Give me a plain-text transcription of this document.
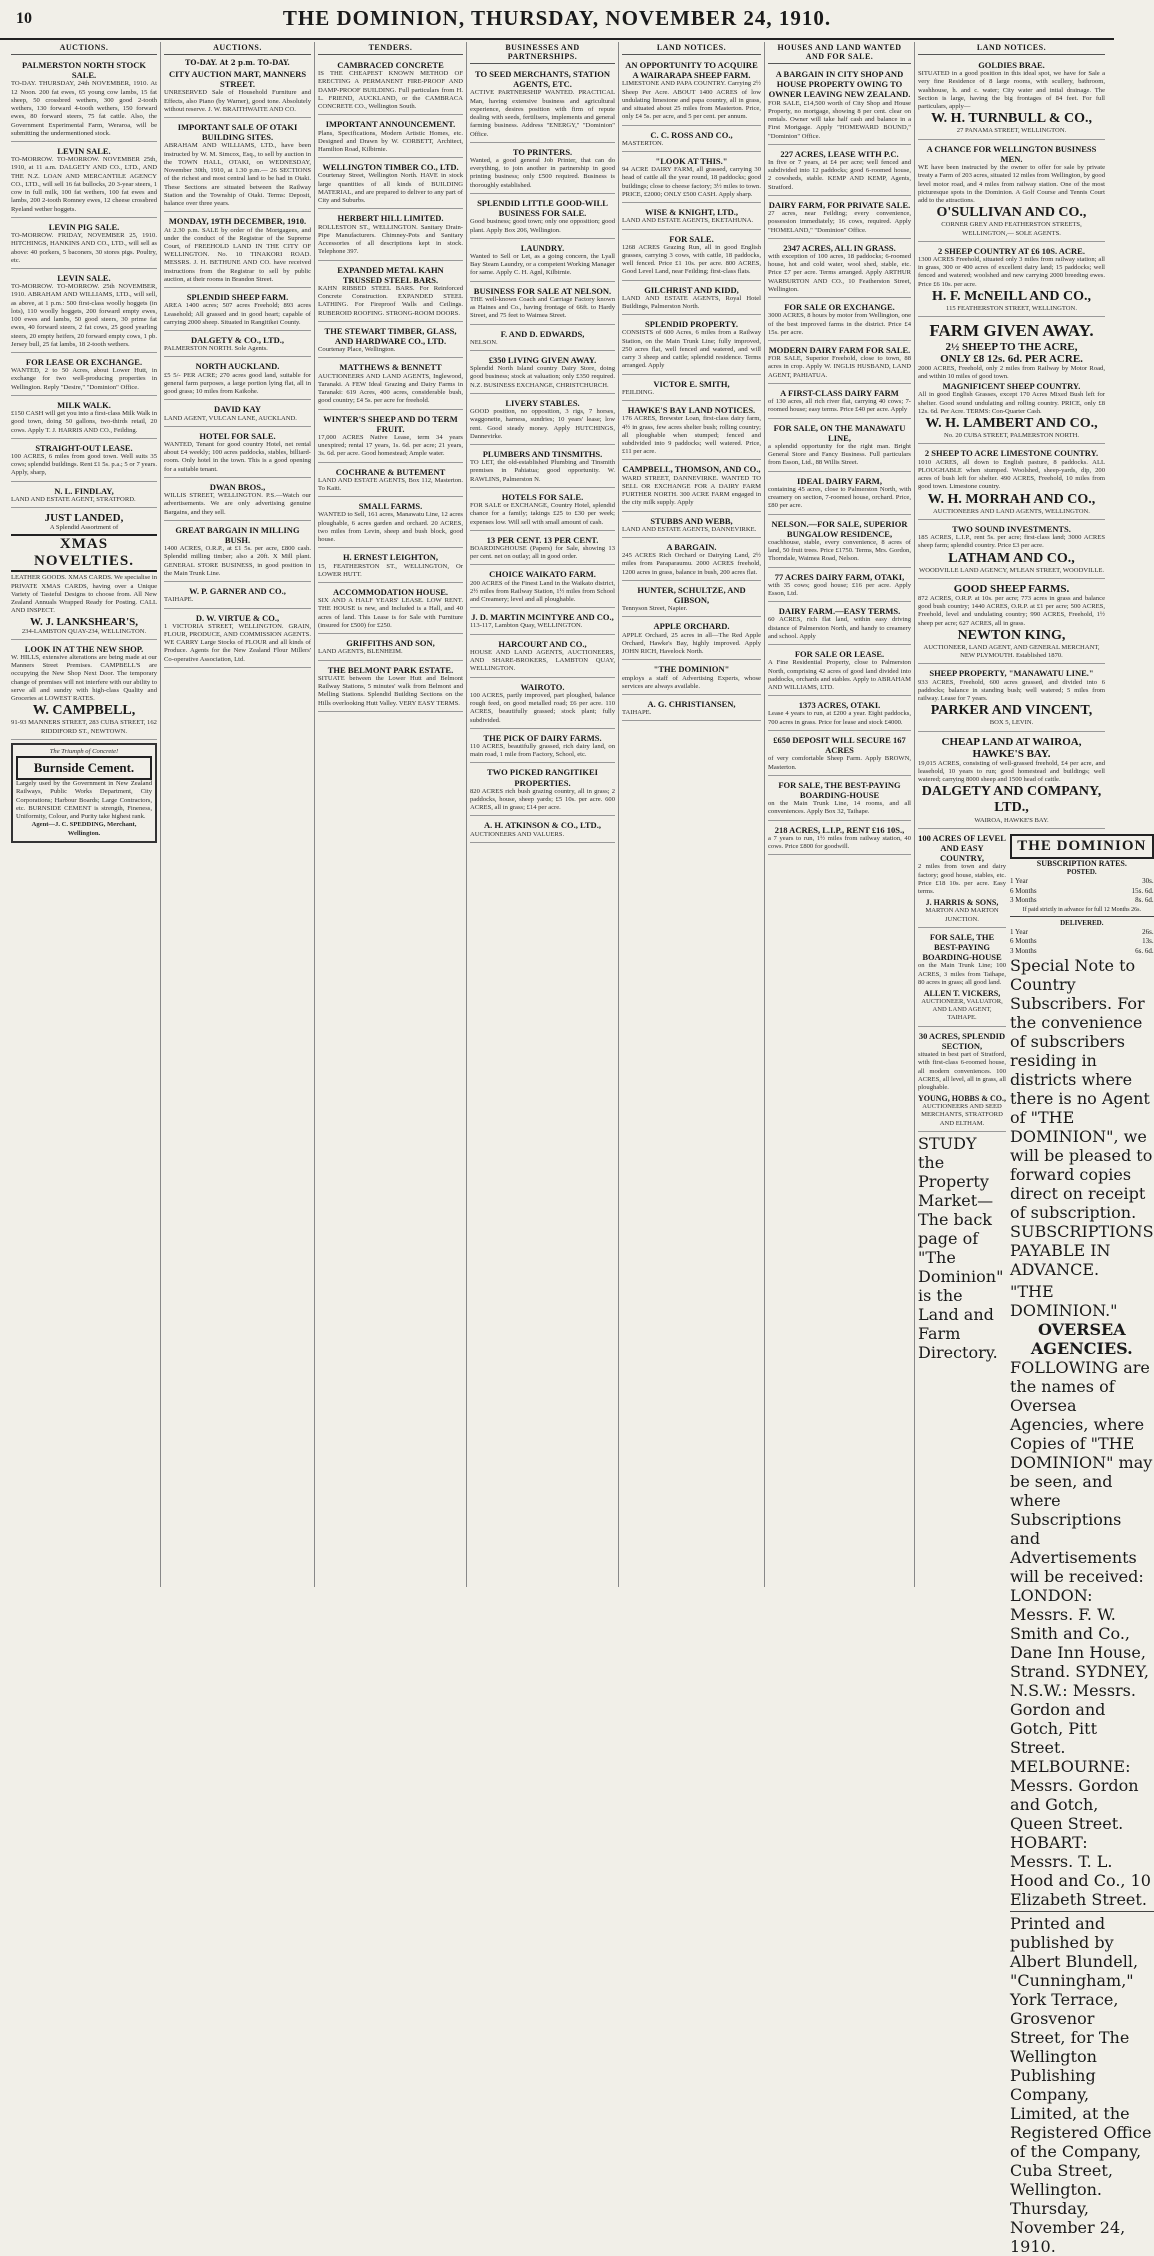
10	THE DOMINION, THURSDAY, NOVEMBER 24, 1910.
AUCTIONS.
PALMERSTON NORTH STOCK SALE.
TO-DAY. THURSDAY, 24th NOVEMBER, 1910. At 12 Noon. 200 fat ewes, 65 young cow lambs, 15 fat sheep, 50 crossbred wethers, 300 good 2-tooth wethers, 130 forward 4-tooth wethers, 150 forward ewes, 80 forward steers, 75 fat cattle. Also, the Government Experimental Farm, Weraroa, will be submitting the undermentioned stock.
LEVIN SALE.
TO-MORROW. TO-MORROW. NOVEMBER 25th, 1910, at 11 a.m. DALGETY AND CO., LTD., AND THE N.Z. LOAN AND MERCANTILE AGENCY CO., LTD., will sell 16 fat bullocks, 20 3-year steers, 1 cow in full milk, 100 fat wethers, 100 fat ewes and lambs, 200 2-tooth Romney ewes, 12 cheese crossbred Ryeland wether hoggets.
LEVIN PIG SALE.
TO-MORROW. FRIDAY, NOVEMBER 25, 1910. HITCHINGS, HANKINS AND CO., LTD., will sell as above: 40 porkers, 5 baconers, 30 stores pigs. Poultry, etc.
LEVIN SALE.
TO-MORROW. TO-MORROW. 25th NOVEMBER, 1910. ABRAHAM AND WILLIAMS, LTD., will sell, as above, at 1 p.m.: 500 first-class woolly hoggets (in lots), 110 woolly hoggets, 200 forward empty ewes, 100 ewes and lambs, 50 good steers, 30 prime fat ewes, 40 forward steers, 2 fat cows, 25 good yearling steers, 20 empty heifers, 20 forward empty cows, 1 pb. Jersey bull, 25 fat lambs, 18 2-tooth wethers.
FOR LEASE OR EXCHANGE.
WANTED, 2 to 50 Acres, about Lower Hutt, in exchange for two well-producing properties in Wellington. Reply "Desire," "Dominion" Office.
MILK WALK.
£150 CASH will get you into a first-class Milk Walk in good town, doing 50 gallons, two-thirds retail, 20 cows. Apply T. J. HARRIS AND CO., Feilding.
STRAIGHT-OUT LEASE.
100 ACRES, 6 miles from good town. Well suits 35 cows; splendid buildings. Rent £1 5s. p.a.; 5 or 7 years. Apply, sharp,
N. L. FINDLAY,
LAND AND ESTATE AGENT, STRATFORD.
JUST LANDED,
A Splendid Assortment of
XMAS NOVELTIES.
LEATHER GOODS. XMAS CARDS. We specialise in PRIVATE XMAS CARDS, having over a Unique Variety of Tasteful Designs to choose from. All New Zealand Annuals Wrapped Ready for Posting. CALL AND INSPECT.
W. J. LANKSHEAR'S,
234-LAMBTON QUAY-234, WELLINGTON.
LOOK IN AT THE NEW SHOP.
W. HILLS, extensive alterations are being made at our Manners Street Premises. CAMPBELL'S are occupying the New Shop Next Door. The temporary change of premises will not interfere with our ability to serve all and sundry with high-class Quality and Groceries at LOWEST RATES.
W. CAMPBELL,
91-93 MANNERS STREET, 283 CUBA STREET, 162 RIDDIFORD ST., NEWTOWN.
The Triumph of Concrete!
Burnside Cement.
Largely used by the Government in New Zealand Railways, Public Works Department, City Corporations; Harbour Boards; Large Contractors, etc. BURNSIDE CEMENT is strength, Fineness, Uniformity, Colour, and Purity take highest rank.
Agent—J. C. SPEDDING, Merchant, Wellington.
AUCTIONS.
TO-DAY. At 2 p.m. TO-DAY.
CITY AUCTION MART, MANNERS STREET.
UNRESERVED Sale of Household Furniture and Effects, also Piano (by Warner), good tone. Absolutely without reserve. J. W. BRAITHWAITE AND CO.
IMPORTANT SALE OF OTAKI BUILDING SITES.
ABRAHAM AND WILLIAMS, LTD., have been instructed by W. M. Simcox, Esq., to sell by auction in the TOWN HALL, OTAKI, on WEDNESDAY, November 30th, 1910, at 1.30 p.m.— 26 SECTIONS of the richest and most central land to be had in Otaki. These Sections are situated between the Railway Station and the Township of Otaki. Terms: Deposit, balance over three years.
MONDAY, 19TH DECEMBER, 1910.
At 2.30 p.m. SALE by order of the Mortgagees, and under the conduct of the Registrar of the Supreme Court, of FREEHOLD LAND IN THE CITY OF WELLINGTON. No. 10 TINAKORI ROAD. MESSRS. J. H. BETHUNE AND CO. have received instructions from the Registrar to sell by public auction, at their rooms in Brandon Street.
SPLENDID SHEEP FARM.
AREA 1400 acres; 507 acres Freehold; 893 acres Leasehold; All grassed and in good heart; capable of carrying 2000 sheep. Situated in Rangitikei County.
DALGETY & CO., LTD.,
PALMERSTON NORTH. Sole Agents.
NORTH AUCKLAND.
£5 5/- PER ACRE; 270 acres good land, suitable for general farm purposes, a large portion lying flat, all in good grass; 10 miles from Kaikohe.
DAVID KAY
LAND AGENT, VULCAN LANE, AUCKLAND.
HOTEL FOR SALE.
WANTED, Tenant for good country Hotel, net rental about £4 weekly; 100 acres paddocks, stables, billiard-room. Only hotel in the town. This is a good opening for a suitable tenant.
DWAN BROS.,
WILLIS STREET, WELLINGTON. P.S.—Watch our advertisements. We are only advertising genuine Bargains, and they sell.
GREAT BARGAIN IN MILLING BUSH.
1400 ACRES, O.R.P., at £1 5s. per acre, £800 cash. Splendid milling timber; also a 20ft. X Mill plant. GENERAL STORE BUSINESS, in good position in the Main Trunk Line.
W. P. GARNER AND CO.,
TAIHAPE.
D. W. VIRTUE & CO.,
1 VICTORIA STREET, WELLINGTON. GRAIN, FLOUR, PRODUCE, AND COMMISSION AGENTS. WE CARRY Large Stocks of FLOUR and all kinds of Produce. Agents for the New Zealand Flour Millers' Co-operative Association, Ltd.
TENDERS.
CAMBRACED CONCRETE
IS THE CHEAPEST KNOWN METHOD OF ERECTING A PERMANENT FIRE-PROOF AND DAMP-PROOF BUILDING. Full particulars from H. L. FRIEND, AUCKLAND, or the CAMBRACA CONCRETE CO., Wellington South.
IMPORTANT ANNOUNCEMENT.
Plans, Specifications, Modern Artistic Homes, etc. Designed and Drawn by W. CORBETT, Architect, Hamilton Road, Kilbirnie.
WELLINGTON TIMBER CO., LTD.
Courtenay Street, Wellington North. HAVE in stock large quantities of all kinds of BUILDING MATERIAL, and are prepared to deliver to any part of City and Suburbs.
HERBERT HILL LIMITED.
ROLLESTON ST., WELLINGTON. Sanitary Drain-Pipe Manufacturers. Chimney-Pots and Sanitary Accessories of all descriptions kept in stock. Telephone 397.
EXPANDED METAL KAHN TRUSSED STEEL BARS.
KAHN RIBBED STEEL BARS. For Reinforced Concrete Construction. EXPANDED STEEL LATHING. For Fireproof Walls and Ceilings. RUBEROID ROOFING. STRONG-ROOM DOORS.
THE STEWART TIMBER, GLASS, AND HARDWARE CO., LTD.
Courtenay Place, Wellington.
MATTHEWS & BENNETT
AUCTIONEERS AND LAND AGENTS, Inglewood, Taranaki. A FEW Ideal Grazing and Dairy Farms in Taranaki: 619 Acres, 400 acres, considerable bush, good country; £4 5s. per acre for freehold.
WINTER'S SHEEP AND DO TERM FRUIT.
17,000 ACRES Native Lease, term 34 years unexpired; rental 17 years, 1s. 6d. per acre; 21 years, 3s. 6d. per acre. Good homestead; Ample water.
COCHRANE & BUTEMENT
LAND AND ESTATE AGENTS, Box 112, Masterton. To Kaiti.
SMALL FARMS.
WANTED to Sell, 161 acres, Manawatu Line, 12 acres ploughable, 6 acres garden and orchard. 20 ACRES, two miles from Levin, sheep and bush block, good house.
H. ERNEST LEIGHTON,
15, FEATHERSTON ST., WELLINGTON, Or LOWER HUTT.
ACCOMMODATION HOUSE.
SIX AND A HALF YEARS' LEASE. LOW RENT. THE HOUSE is new, and Included is a Hall, and 40 acres of land. This Lease is for Sale with Furniture (insured for £500) for £250.
GRIFFITHS AND SON,
LAND AGENTS, BLENHEIM.
THE BELMONT PARK ESTATE.
SITUATE between the Lower Hutt and Belmont Railway Stations, 5 minutes' walk from Belmont and Melling Stations. Splendid Building Sections on the Hills overlooking Hutt Valley. VERY EASY TERMS.
BUSINESSES AND PARTNERSHIPS.
TO SEED MERCHANTS, STATION AGENTS, ETC.
ACTIVE PARTNERSHIP WANTED. PRACTICAL Man, having extensive business and agricultural experience, desires position with firm of repute dealing with seeds, fertilisers, implements and general farming business. Address "ENERGY," "Dominion" Office.
TO PRINTERS.
Wanted, a good general Job Printer, that can do everything, to join another in partnership in good printing business; only £500 required. Business is thoroughly established.
SPLENDID LITTLE GOOD-WILL BUSINESS FOR SALE.
Good business; good town; only one opposition; good plant. Apply Box 206, Wellington.
LAUNDRY.
Wanted to Sell or Let, as a going concern, the Lyall Bay Steam Laundry, or a competent Working Manager for same. Apply C. H. Agnl, Kilbirnie.
BUSINESS FOR SALE AT NELSON.
THE well-known Coach and Carriage Factory known as Haines and Co., having frontage of 66ft. to Hardy Street, and 75 feet to Waimea Street.
F. AND D. EDWARDS,
NELSON.
£350 LIVING GIVEN AWAY.
Splendid North Island country Dairy Store, doing good business; stock at valuation; only £350 required. N.Z. BUSINESS EXCHANGE, CHRISTCHURCH.
LIVERY STABLES.
GOOD position, no opposition, 3 rigs, 7 horses, waggonette, harness, sundries; 10 years' lease; low rent. Good steady money. Apply HUTCHINGS, Dannevirke.
PLUMBERS AND TINSMITHS.
TO LET, the old-established Plumbing and Tinsmith premises in Pahiatua; good opportunity. W. RAWLINS, Palmerston N.
HOTELS FOR SALE.
FOR SALE or EXCHANGE, Country Hotel, splendid chance for a family; takings £25 to £30 per week; expenses low. Will sell with small amount of cash.
13 PER CENT. 13 PER CENT.
BOARDINGHOUSE (Papers) for Sale, showing 13 per cent. net on outlay; all in good order.
CHOICE WAIKATO FARM.
200 ACRES of the Finest Land in the Waikato district, 2½ miles from Railway Station, 1½ miles from School and Creamery; level and all ploughable.
J. D. MARTIN MCINTYRE AND CO.,
113-117, Lambton Quay, WELLINGTON.
HARCOURT AND CO.,
HOUSE AND LAND AGENTS, AUCTIONEERS, AND SHARE-BROKERS, LAMBTON QUAY, WELLINGTON.
WAIROTO.
100 ACRES, partly improved, part ploughed, balance rough feed, on good metalled road; £6 per acre. 110 ACRES, beautifully grassed; stock plant; fully subdivided.
THE PICK OF DAIRY FARMS.
110 ACRES, beautifully grassed, rich dairy land, on main road, 1 mile from Factory, School, etc.
TWO PICKED RANGITIKEI PROPERTIES.
820 ACRES rich bush grazing country, all in grass; 2 paddocks, house, sheep yards; £5 10s. per acre. 600 ACRES, all in grass; £14 per acre.
A. H. ATKINSON & CO., LTD.,
AUCTIONEERS AND VALUERS.
LAND NOTICES.
AN OPPORTUNITY TO ACQUIRE A WAIRARAPA SHEEP FARM.
LIMESTONE AND PAPA COUNTRY. Carrying 2½ Sheep Per Acre. ABOUT 1400 ACRES of low undulating limestone and papa country, all in grass, and situated about 25 miles from Masterton. Price, only £4 5s. per acre, and 5 per cent. per annum.
C. C. ROSS AND CO.,
MASTERTON.
"LOOK AT THIS."
94 ACRE DAIRY FARM, all grassed, carrying 30 head of cattle all the year round, 18 paddocks; good buildings; close to cheese factory; 3½ miles to town. PRICE, £2000; ONLY £500 CASH. Apply sharp.
WISE & KNIGHT, LTD.,
LAND AND ESTATE AGENTS, EKETAHUNA.
FOR SALE.
1268 ACRES Grazing Run, all in good English grasses, carrying 3 cows, with cattle, 18 paddocks, well fenced. Price £1 10s. per acre. 800 ACRES, Good Level Land, near Feilding; first-class flats.
GILCHRIST AND KIDD,
LAND AND ESTATE AGENTS, Royal Hotel Buildings, Palmerston North.
SPLENDID PROPERTY.
CONSISTS of 600 Acres, 6 miles from a Railway Station, on the Main Trunk Line; fully improved, 250 acres flat, well fenced and watered, and will carry 3 sheep and cattle; splendid residence. Terms arranged. Apply
VICTOR E. SMITH,
FEILDING.
HAWKE'S BAY LAND NOTICES.
176 ACRES, Brewster Loan, first-class dairy farm, 4½ in grass, few acres shelter bush; rolling country; all ploughable when stumped; fenced and subdivided into 9 paddocks; well watered. Price, £11 per acre.
CAMPBELL, THOMSON, AND CO.,
WARD STREET, DANNEVIRKE. WANTED TO SELL OR EXCHANGE FOR A DAIRY FARM FURTHER NORTH. 300 ACRE FARM engaged in the city milk supply. Apply
STUBBS AND WEBB,
LAND AND ESTATE AGENTS, DANNEVIRKE.
A BARGAIN.
245 ACRES Rich Orchard or Dairying Land, 2½ miles from Paraparaumu. 2000 ACRES freehold, 1200 acres in grass, balance in bush, 200 acres flat.
HUNTER, SCHULTZE, AND GIBSON,
Tennyson Street, Napier.
APPLE ORCHARD.
APPLE Orchard, 25 acres in all—The Red Apple Orchard, Hawke's Bay, highly improved. Apply JOHN RICH, Havelock North.
"THE DOMINION"
employs a staff of Advertising Experts, whose services are always available.
A. G. CHRISTIANSEN,
TAIHAPE.
HOUSES AND LAND WANTED AND FOR SALE.
A BARGAIN IN CITY SHOP AND HOUSE PROPERTY OWING TO OWNER LEAVING NEW ZEALAND.
FOR SALE, £14,500 worth of City Shop and House Property, no mortgage, showing 8 per cent. clear on rentals. Owner will take half cash and balance in a First Mortgage. Apply "HOMEWARD BOUND," "Dominion" Office.
227 ACRES, LEASE WITH P.C.
In five or 7 years, at £4 per acre; well fenced and subdivided into 12 paddocks; good 6-roomed house, 2 cowsheds, stable. KEMP AND KEMP, Agents, Stratford.
DAIRY FARM, FOR PRIVATE SALE.
27 acres, near Feilding; every convenience, possession immediately; 16 cows, required. Apply "HOMELAND," "Dominion" Office.
2347 ACRES, ALL IN GRASS.
with exception of 100 acres, 18 paddocks; 6-roomed house, hot and cold water, wool shed, stable, etc. Price £7 per acre. Terms arranged. Apply ARTHUR WARBURTON AND CO., 10 Featherston Street, Wellington.
FOR SALE OR EXCHANGE.
3000 ACRES, 8 hours by motor from Wellington, one of the best improved farms in the district. Price £4 15s. per acre.
MODERN DAIRY FARM FOR SALE.
FOR SALE, Superior Freehold, close to town, 88 acres in crop. Apply W. INGLIS HUSBAND, LAND AGENT, PAHIATUA.
A FIRST-CLASS DAIRY FARM
of 130 acres, all rich river flat, carrying 40 cows; 7-roomed house; easy terms. Price £40 per acre. Apply
FOR SALE, ON THE MANAWATU LINE,
a splendid opportunity for the right man. Bright General Store and Fancy Business. Full particulars from Esson, Ltd., 88 Willis Street.
IDEAL DAIRY FARM,
containing 45 acres, close to Palmerston North, with creamery on section, 7-roomed house, orchard. Price, £80 per acre.
NELSON.—FOR SALE, SUPERIOR BUNGALOW RESIDENCE,
coachhouse, stable, every convenience, 8 acres of land, 50 fruit trees. Price £1750. Terms, Mrs. Gordon, Thorndale, Waimea Road, Nelson.
77 ACRES DAIRY FARM, OTAKI,
with 35 cows; good house; £16 per acre. Apply Esson, Ltd.
DAIRY FARM.—EASY TERMS.
60 ACRES, rich flat land, within easy driving distance of Palmerston North, and handy to creamery and school. Apply
FOR SALE OR LEASE.
A Fine Residential Property, close to Palmerston North, comprising 42 acres of good land divided into paddocks, orchards and stables. Apply to ABRAHAM AND WILLIAMS, LTD.
1373 ACRES, OTAKI.
Lease 4 years to run, at £200 a year. Eight paddocks, 700 acres in grass. Price for lease and stock £4000.
£650 DEPOSIT WILL SECURE 167 ACRES
of very comfortable Sheep Farm. Apply BROWN, Masterton.
FOR SALE, THE BEST-PAYING BOARDING-HOUSE
on the Main Trunk Line, 14 rooms, and all conveniences. Apply Box 32, Taihape.
218 ACRES, L.I.P., RENT £16 10S.,
a 7 years to run, 1½ miles from railway station, 40 cows. Price £800 for goodwill.
LAND NOTICES.
GOLDIES BRAE.
SITUATED in a good position in this ideal spot, we have for Sale a very fine Residence of 8 large rooms, with scullery, bathroom, washhouse, h. and c. water; City water and intial drainage. The Section is large, having the big frontages of 84 feet. For full particulars, apply—
W. H. TURNBULL & CO.,
27 PANAMA STREET, WELLINGTON.
A CHANCE FOR WELLINGTON BUSINESS MEN.
WE have been instructed by the owner to offer for sale by private treaty a Farm of 203 acres, situated 12 miles from Wellington, by good level motor road, and 4 miles from railway station. One of the most picturesque spots in the Dominion. A Golf Course and Tennis Court add to the attractions.
O'SULLIVAN AND CO.,
CORNER GREY AND FEATHERSTON STREETS, WELLINGTON,— SOLE AGENTS.
2 SHEEP COUNTRY AT £6 10S. ACRE.
1300 ACRES Freehold, situated only 3 miles from railway station; all in grass, 300 or 400 acres of excellent dairy land; 15 paddocks; well fenced and watered; woolshed and new carrying 2000 breeding ewes. Price £6 10s. per acre.
H. F. McNEILL AND CO.,
115 FEATHERSTON STREET, WELLINGTON.
FARM GIVEN AWAY.
2½ SHEEP TO THE ACRE,
ONLY £8 12s. 6d. PER ACRE.
2000 ACRES, Freehold, only 2 miles from Railway by Motor Road, and within 10 miles of good town.
MAGNIFICENT SHEEP COUNTRY.
All in good English Grasses, except 170 Acres Mixed Bush left for shelter. Good sound undulating and rolling country. PRICE, only £8 12s. 6d. Per Acre. TERMS: Con-Quarter Cash.
W. H. LAMBERT AND CO.,
No. 20 CUBA STREET, PALMERSTON NORTH.
2 SHEEP TO ACRE LIMESTONE COUNTRY.
1010 ACRES, all down to English pasture, 8 paddocks. ALL PLOUGHABLE when stumped. Woolshed, sheep-yards, dip, 200 acres of bush left for shelter. 490 ACRES, Freehold, 10 miles from good town. Limestone country.
W. H. MORRAH AND CO.,
AUCTIONEERS AND LAND AGENTS, WELLINGTON.
TWO SOUND INVESTMENTS.
185 ACRES, L.I.P., rent 5s. per acre; first-class land; 3000 ACRES sheep farm; splendid country. Price £3 per acre.
LATHAM AND CO.,
WOODVILLE LAND AGENCY, M'LEAN STREET, WOODVILLE.
GOOD SHEEP FARMS.
872 ACRES, O.R.P. at 10s. per acre; 773 acres in grass and balance good bush country; 1440 ACRES, O.R.P. at £1 per acre; 500 ACRES, Freehold, level and undulating country; 990 ACRES, Freehold, 1½ sheep per acre; 627 ACRES, all in grass.
NEWTON KING,
AUCTIONEER, LAND AGENT, AND GENERAL MERCHANT, NEW PLYMOUTH. Established 1870.
SHEEP PROPERTY, "MANAWATU LINE."
933 ACRES, Freehold, 600 acres grassed, and divided into 6 paddocks; balance in standing bush; well watered; 5 miles from railway. Lease for 7 years.
PARKER AND VINCENT,
BOX 5, LEVIN.
CHEAP LAND AT WAIROA, HAWKE'S BAY.
19,015 ACRES, consisting of well-grassed freehold, £4 per acre, and leasehold, 10 years to run; good homestead and buildings; well watered; carrying 8000 sheep and 1500 head of cattle.
DALGETY AND COMPANY, LTD.,
WAIROA, HAWKE'S BAY.
100 ACRES OF LEVEL AND EASY COUNTRY,
2 miles from town and dairy factory; good house, stables, etc. Price £18 10s. per acre. Easy terms.
J. HARRIS & SONS,
MARTON AND MARTON JUNCTION.
FOR SALE, THE BEST-PAYING BOARDING-HOUSE
on the Main Trunk Line; 100 ACRES, 3 miles from Taihape, 80 acres in grass; all good land.
ALLEN T. VICKERS,
AUCTIONEER, VALUATOR, AND LAND AGENT, TAIHAPE.
30 ACRES, SPLENDID SECTION,
situated in best part of Stratford, with first-class 6-roomed house, all modern conveniences. 100 ACRES, all level, all in grass, all ploughable.
YOUNG, HOBBS & CO.,
AUCTIONEERS AND SEED MERCHANTS, STRATFORD AND ELTHAM.
STUDY the Property Market—The back page of "The Dominion" is the Land and Farm Directory.
THE DOMINION
SUBSCRIPTION RATES.
POSTED.
1 Year	30s.
6 Months	15s. 6d.
3 Months	8s. 6d.
If paid strictly in advance for full 12 Months 26s.
DELIVERED.
1 Year	26s.
6 Months	13s.
3 Months	6s. 6d.
Special Note to Country Subscribers. For the convenience of subscribers residing in districts where there is no Agent of "THE DOMINION", we will be pleased to forward copies direct on receipt of subscription. SUBSCRIPTIONS PAYABLE IN ADVANCE.
"THE DOMINION."
OVERSEA AGENCIES.
FOLLOWING are the names of Oversea Agencies, where Copies of "THE DOMINION" may be seen, and where Subscriptions and Advertisements will be received: LONDON: Messrs. F. W. Smith and Co., Dane Inn House, Strand. SYDNEY, N.S.W.: Messrs. Gordon and Gotch, Pitt Street. MELBOURNE: Messrs. Gordon and Gotch, Queen Street. HOBART: Messrs. T. L. Hood and Co., 10 Elizabeth Street.
Printed and published by Albert Blundell, "Cunningham," York Terrace, Grosvenor Street, for The Wellington Publishing Company, Limited, at the Registered Office of the Company, Cuba Street, Wellington. Thursday, November 24, 1910.
